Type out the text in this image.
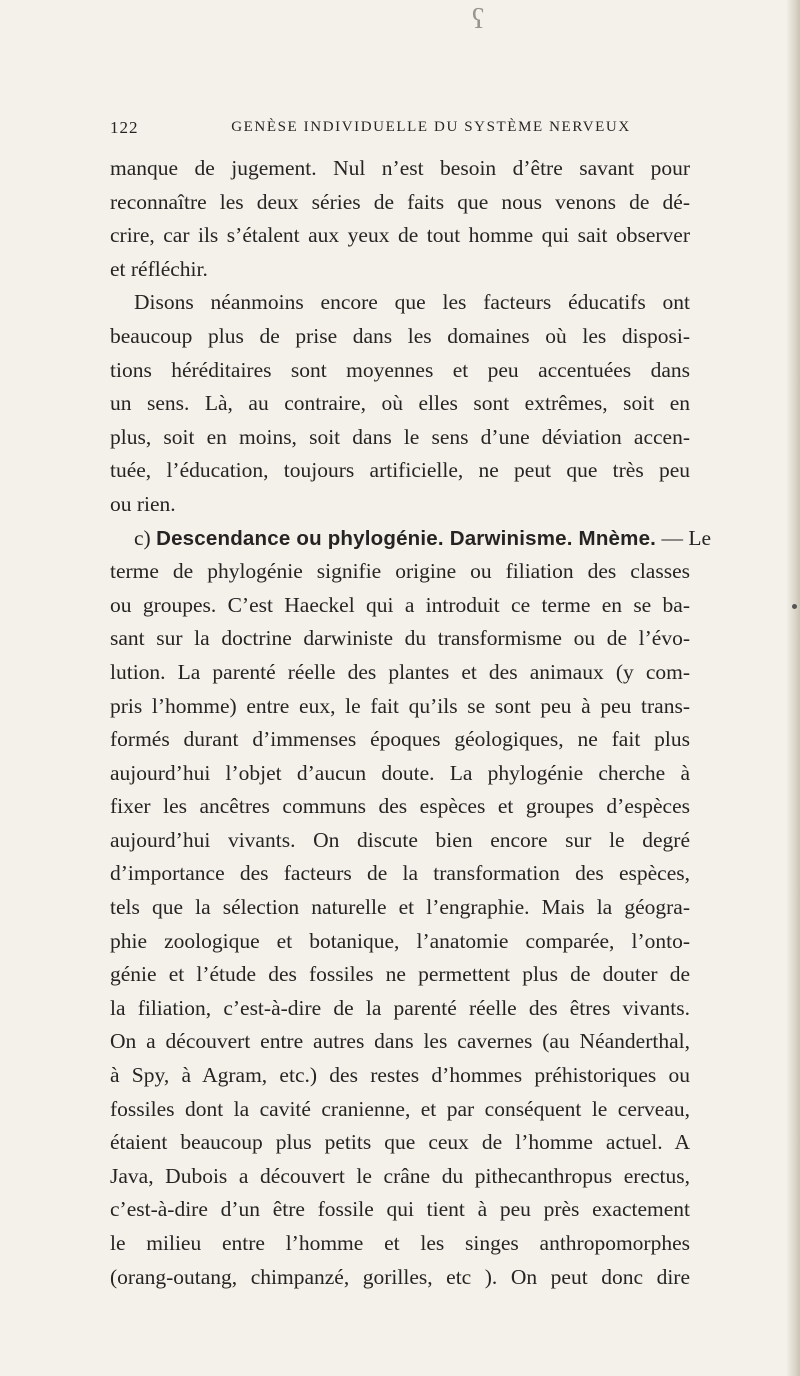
ʕ
122	GENÈSE INDIVIDUELLE DU SYSTÈME NERVEUX
manque de jugement. Nul n’est besoin d’être savant pour
reconnaître les deux séries de faits que nous venons de dé-
crire, car ils s’étalent aux yeux de tout homme qui sait observer
et réfléchir.
Disons néanmoins encore que les facteurs éducatifs ont
beaucoup plus de prise dans les domaines où les disposi-
tions héréditaires sont moyennes et peu accentuées dans
un sens. Là, au contraire, où elles sont extrêmes, soit en
plus, soit en moins, soit dans le sens d’une déviation accen-
tuée, l’éducation, toujours artificielle, ne peut que très peu
ou rien.
c) Descendance ou phylogénie. Darwinisme. Mnème. — Le
terme de phylogénie signifie origine ou filiation des classes
ou groupes. C’est Haeckel qui a introduit ce terme en se ba-
sant sur la doctrine darwiniste du transformisme ou de l’évo-
lution. La parenté réelle des plantes et des animaux (y com-
pris l’homme) entre eux, le fait qu’ils se sont peu à peu trans-
formés durant d’immenses époques géologiques, ne fait plus
aujourd’hui l’objet d’aucun doute. La phylogénie cherche à
fixer les ancêtres communs des espèces et groupes d’espèces
aujourd’hui vivants. On discute bien encore sur le degré
d’importance des facteurs de la transformation des espèces,
tels que la sélection naturelle et l’engraphie. Mais la géogra-
phie zoologique et botanique, l’anatomie comparée, l’onto-
génie et l’étude des fossiles ne permettent plus de douter de
la filiation, c’est-à-dire de la parenté réelle des êtres vivants.
On a découvert entre autres dans les cavernes (au Néanderthal,
à Spy, à Agram, etc.) des restes d’hommes préhistoriques ou
fossiles dont la cavité cranienne, et par conséquent le cerveau,
étaient beaucoup plus petits que ceux de l’homme actuel. A
Java, Dubois a découvert le crâne du pithecanthropus erectus,
c’est-à-dire d’un être fossile qui tient à peu près exactement
le milieu entre l’homme et les singes anthropomorphes
(orang-outang, chimpanzé, gorilles, etc ). On peut donc dire
